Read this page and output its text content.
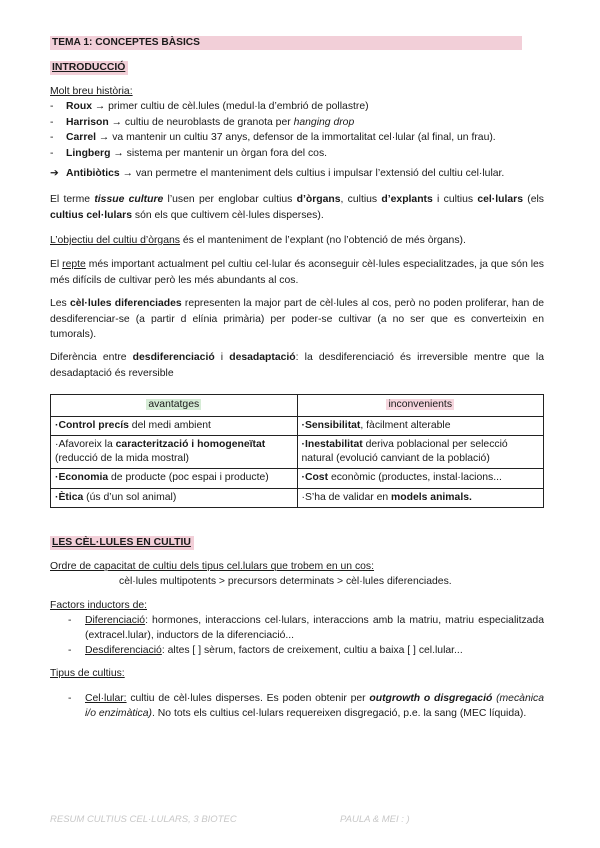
TEMA 1: CONCEPTES BÀSICS
INTRODUCCIÓ
Molt breu història:
- Roux → primer cultiu de cèl.lules (medul·la d’embrió de pollastre)
- Harrison → cultiu de neuroblasts de granota per hanging drop
- Carrel → va mantenir un cultiu 37 anys, defensor de la immortalitat cel·lular (al final, un frau).
- Lingberg → sistema per mantenir un òrgan fora del cos.
➔ Antibiòtics → van permetre el manteniment dels cultius i impulsar l’extensió del cultiu cel·lular.
El terme tissue culture l’usen per englobar cultius d’òrgans, cultius d’explants i cultius cel·lulars (els cultius cel·lulars són els que cultivem cèl·lules disperses).
L’objectiu del cultiu d’òrgans és el manteniment de l’explant (no l’obtenció de més òrgans).
El repte més important actualment pel cultiu cel·lular és aconseguir cèl·lules especialitzades, ja que són les més difícils de cultivar però les més abundants al cos.
Les cèl·lules diferenciades representen la major part de cèl·lules al cos, però no poden proliferar, han de desdiferenciar-se (a partir d elínia primària) per poder-se cultivar (a no ser que es converteixin en tumorals).
Diferència entre desdiferenciació i desadaptació: la desdiferenciació és irreversible mentre que la desadaptació és reversible
avantatges	inconvenients
·Control precís del medi ambient	·Sensibilitat, fàcilment alterable
·Afavoreix la caracterització i homogeneïtat (reducció de la mida mostral)	·Inestabilitat deriva poblacional per selecció natural (evolució canviant de la població)
·Economia de producte (poc espai i producte)	·Cost econòmic (productes, instal·lacions...
·Ètica (ús d’un sol animal)	·S’ha de validar en models animals.
LES CÈL·LULES EN CULTIU
Ordre de capacitat de cultiu dels tipus cel.lulars que trobem en un cos:
cèl·lules multipotents > precursors determinats > cèl·lules diferenciades.
Factors inductors de:
- Diferenciació: hormones, interaccions cel·lulars, interaccions amb la matriu, matriu especialitzada (extracel.lular), inductors de la diferenciació...
- Desdiferenciació: altes [ ] sèrum, factors de creixement, cultiu a baixa [ ] cel.lular...
Tipus de cultius:
- Cel·lular: cultiu de cèl·lules disperses. Es poden obtenir per outgrowth o disgregació (mecànica i/o enzimàtica). No tots els cultius cel·lulars requereixen disgregació, p.e. la sang (MEC líquida).
RESUM CULTIUS CEL·LULARS, 3 BIOTEC	PAULA & MEI : )
